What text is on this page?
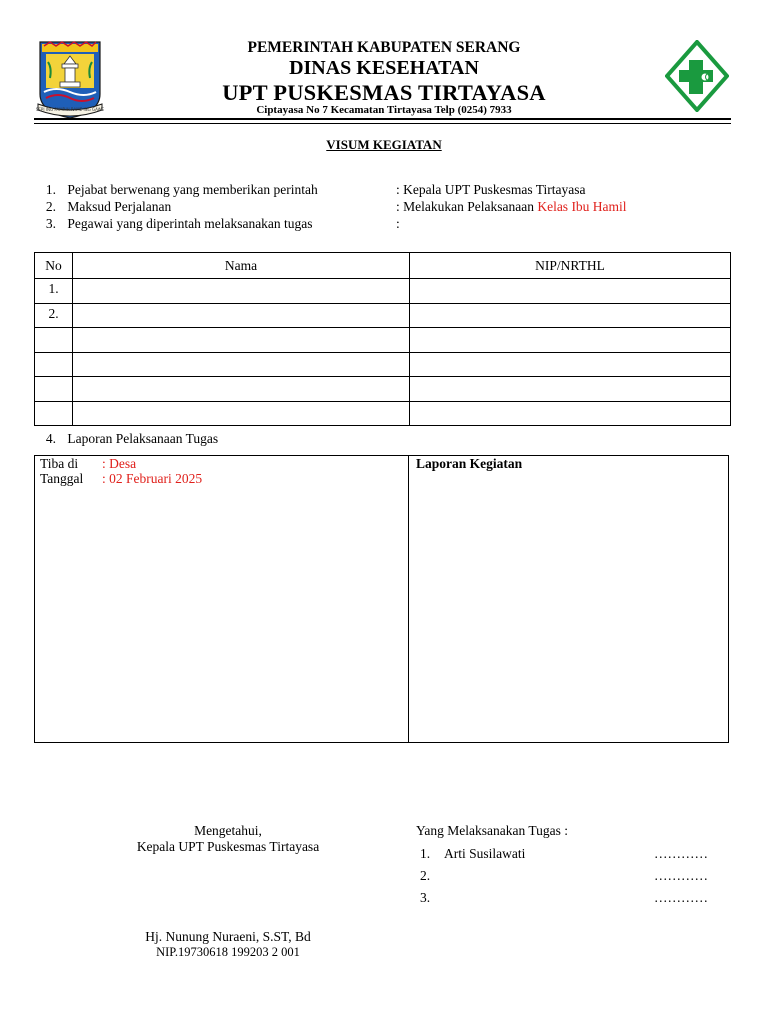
SEPI ING PAMRIH RAME ING GAWE
PEMERINTAH KABUPATEN SERANG
DINAS KESEHATAN
UPT PUSKESMAS TIRTAYASA
Ciptayasa No 7 Kecamatan Tirtayasa Telp (0254) 7933
VISUM KEGIATAN
1. Pejabat berwenang yang memberikan perintah	: Kepala UPT Puskesmas Tirtayasa
2. Maksud Perjalanan	: Melakukan Pelaksanaan Kelas Ibu Hamil
3. Pegawai yang diperintah melaksanakan tugas	:
No	Nama	NIP/NRTHL
1.		
2.		

4. Laporan Pelaksanaan Tugas
Tiba di : Desa
Tanggal : 02 Februari 2025
Laporan Kegiatan
Mengetahui,
Kepala UPT Puskesmas Tirtayasa
Hj. Nunung Nuraeni, S.ST, Bd
NIP.19730618 199203 2 001
Yang Melaksanakan Tugas :
1. Arti Susilawati	…………
2.	…………
3.	…………
